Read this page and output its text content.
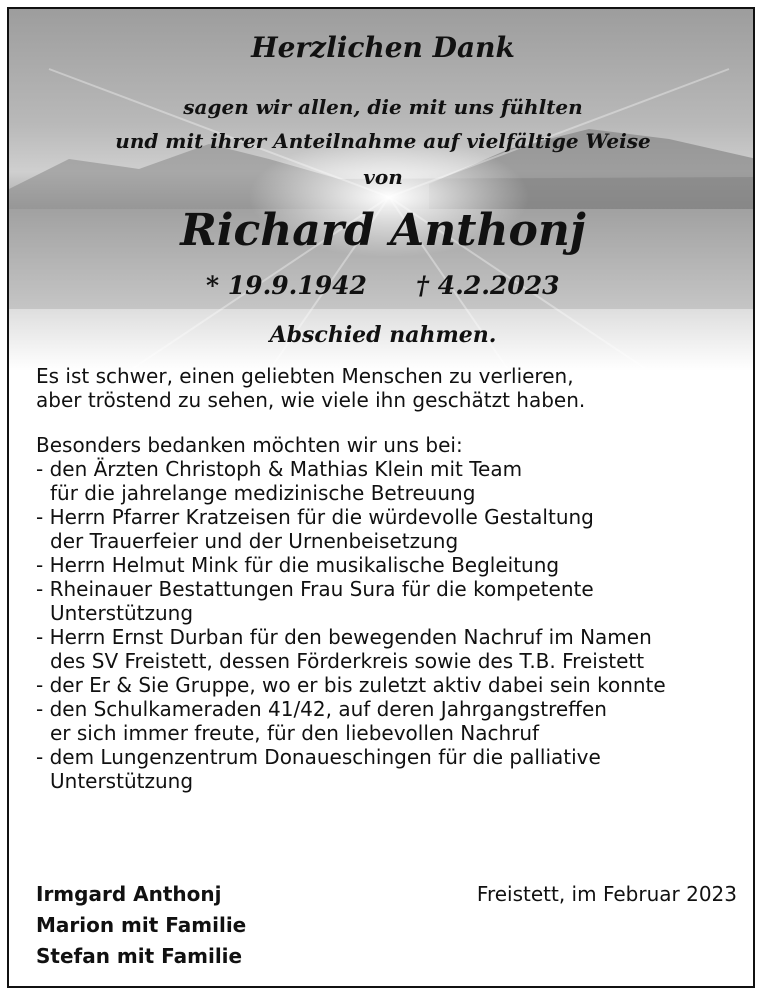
Herzlichen Dank
sagen wir allen, die mit uns fühlten
und mit ihrer Anteilnahme auf vielfältige Weise
von
Richard Anthonj
* 19.9.1942 † 4.2.2023
Abschied nahmen.
Es ist schwer, einen geliebten Menschen zu verlieren,
aber tröstend zu sehen, wie viele ihn geschätzt haben.
Besonders bedanken möchten wir uns bei:
- den Ärzten Christoph & Mathias Klein mit Team
für die jahrelange medizinische Betreuung
- Herrn Pfarrer Kratzeisen für die würdevolle Gestaltung
der Trauerfeier und der Urnenbeisetzung
- Herrn Helmut Mink für die musikalische Begleitung
- Rheinauer Bestattungen Frau Sura für die kompetente
Unterstützung
- Herrn Ernst Durban für den bewegenden Nachruf im Namen
des SV Freistett, dessen Förderkreis sowie des T.B. Freistett
- der Er & Sie Gruppe, wo er bis zuletzt aktiv dabei sein konnte
- den Schulkameraden 41/42, auf deren Jahrgangstreffen
er sich immer freute, für den liebevollen Nachruf
- dem Lungenzentrum Donaueschingen für die palliative
Unterstützung
Irmgard Anthonj
Marion mit Familie
Stefan mit Familie
Freistett, im Februar 2023
